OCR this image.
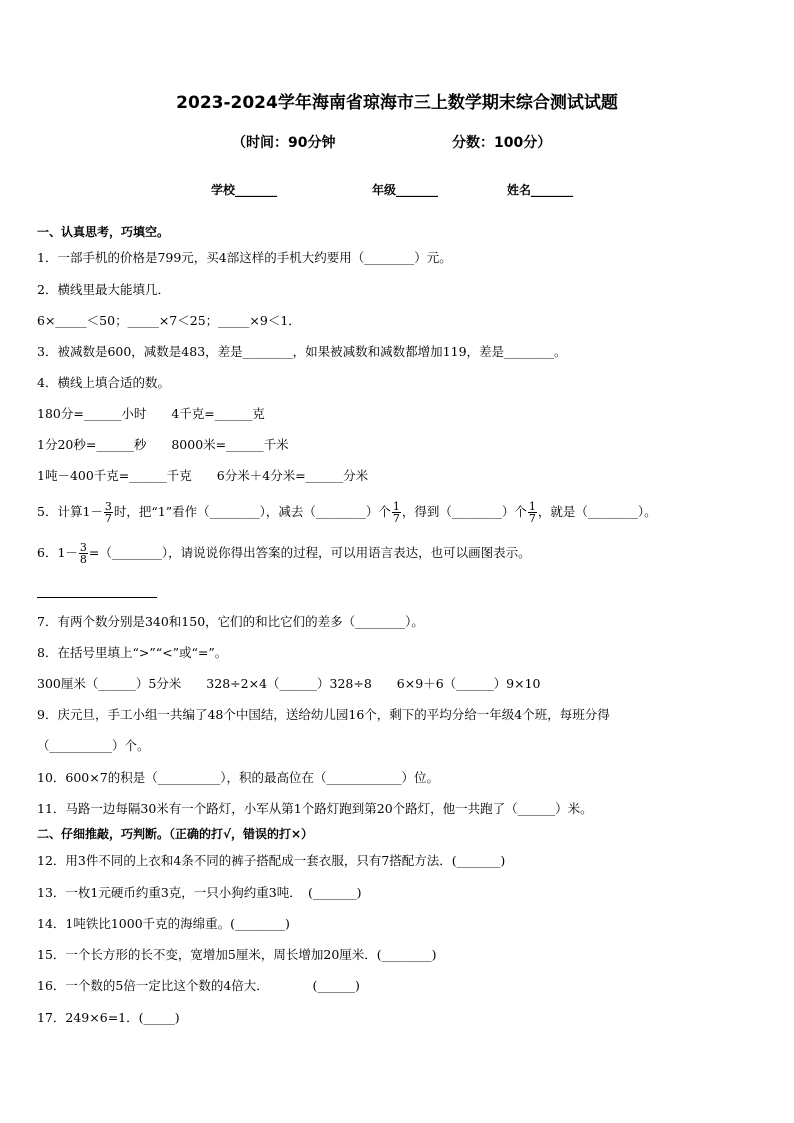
2023-2024学年海南省琼海市三上数学期末综合测试试题
（时间：90分钟	分数：100分）
学校_______	年级_______	姓名_______
一、认真思考，巧填空。
1．一部手机的价格是799元，买4部这样的手机大约要用（________）元。
2．横线里最大能填几．
6×_____＜50；_____×7＜25；_____×9＜1．
3．被减数是600，减数是483，差是________，如果被减数和减数都增加119，差是________。
4．横线上填合适的数。
180分=______小时　　4千克=______克
1分20秒=______秒　　8000米=______千米
1吨－400千克=______千克　　6分米＋4分米=______分米
5．计算$1- \frac{3}{7}$ 时，把“1”看作（________），减去（________）个 $\frac{1}{7}$ ，得到（________）个 $\frac{1}{7}$ ，就是（________）。
6．$1- \frac{3}{8}$ =（________），请说说你得出答案的过程，可以用语言表达，也可以画图表示。
7．有两个数分别是340和150，它们的和比它们的差多（________）。
8．在括号里填上“>”“<”或“=”。
300厘米（______）5分米　　328÷2×4（______）328÷8　　6×9＋6（______）9×10
9．庆元旦，手工小组一共编了48个中国结，送给幼儿园16个，剩下的平均分给一年级4个班，每班分得
（__________）个。
10．600×7的积是（__________），积的最高位在（____________）位。
11．马路一边每隔30米有一个路灯，小军从第1个路灯跑到第20个路灯，他一共跑了（______）米。
二、仔细推敲，巧判断。（正确的打√，错误的打×）
12．用3件不同的上衣和4条不同的裤子搭配成一套衣服，只有7搭配方法．(_______)
13．一枚1元硬币约重3克，一只小狗约重3吨．　(_______)
14．1吨铁比1000千克的海绵重。(________)
15．一个长方形的长不变，宽增加5厘米，周长增加20厘米．(________)
16．一个数的5倍一定比这个数的4倍大．　　　　(______)
17．249×6=1．(_____)
